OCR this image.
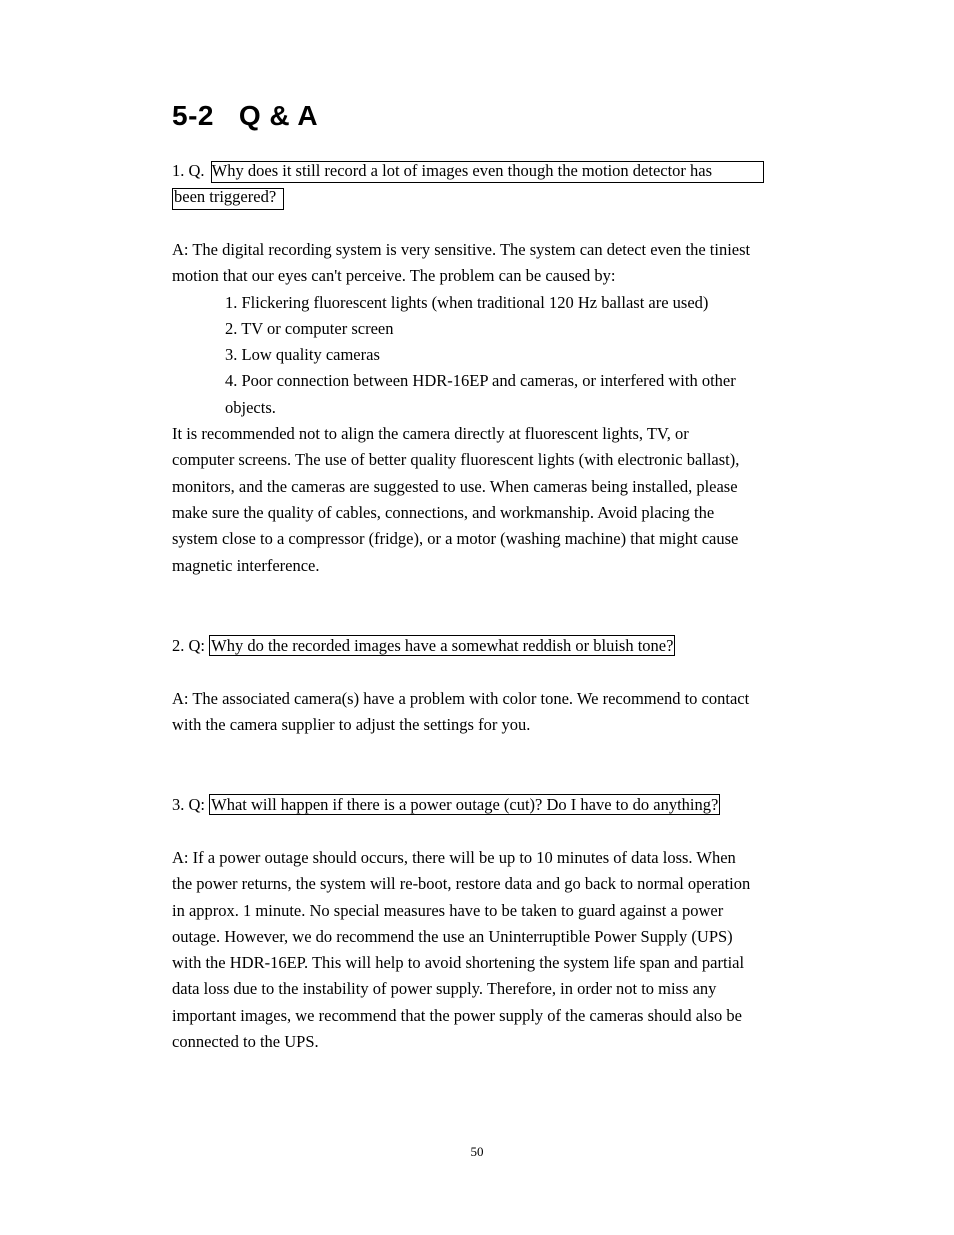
5-2 Q & A
1. Q. Why does it still record a lot of images even though the motion detector has
been triggered?
A: The digital recording system is very sensitive. The system can detect even the tiniest
motion that our eyes can't perceive. The problem can be caused by:
1. Flickering fluorescent lights (when traditional 120 Hz ballast are used)
2. TV or computer screen
3. Low quality cameras
4. Poor connection between HDR-16EP and cameras, or interfered with other
objects.
It is recommended not to align the camera directly at fluorescent lights, TV, or
computer screens. The use of better quality fluorescent lights (with electronic ballast),
monitors, and the cameras are suggested to use. When cameras being installed, please
make sure the quality of cables, connections, and workmanship. Avoid placing the
system close to a compressor (fridge), or a motor (washing machine) that might cause
magnetic interference.
2. Q: Why do the recorded images have a somewhat reddish or bluish tone?
A: The associated camera(s) have a problem with color tone. We recommend to contact
with the camera supplier to adjust the settings for you.
3. Q: What will happen if there is a power outage (cut)? Do I have to do anything?
A: If a power outage should occurs, there will be up to 10 minutes of data loss. When
the power returns, the system will re-boot, restore data and go back to normal operation
in approx. 1 minute. No special measures have to be taken to guard against a power
outage. However, we do recommend the use an Uninterruptible Power Supply (UPS)
with the HDR-16EP. This will help to avoid shortening the system life span and partial
data loss due to the instability of power supply. Therefore, in order not to miss any
important images, we recommend that the power supply of the cameras should also be
connected to the UPS.
50
